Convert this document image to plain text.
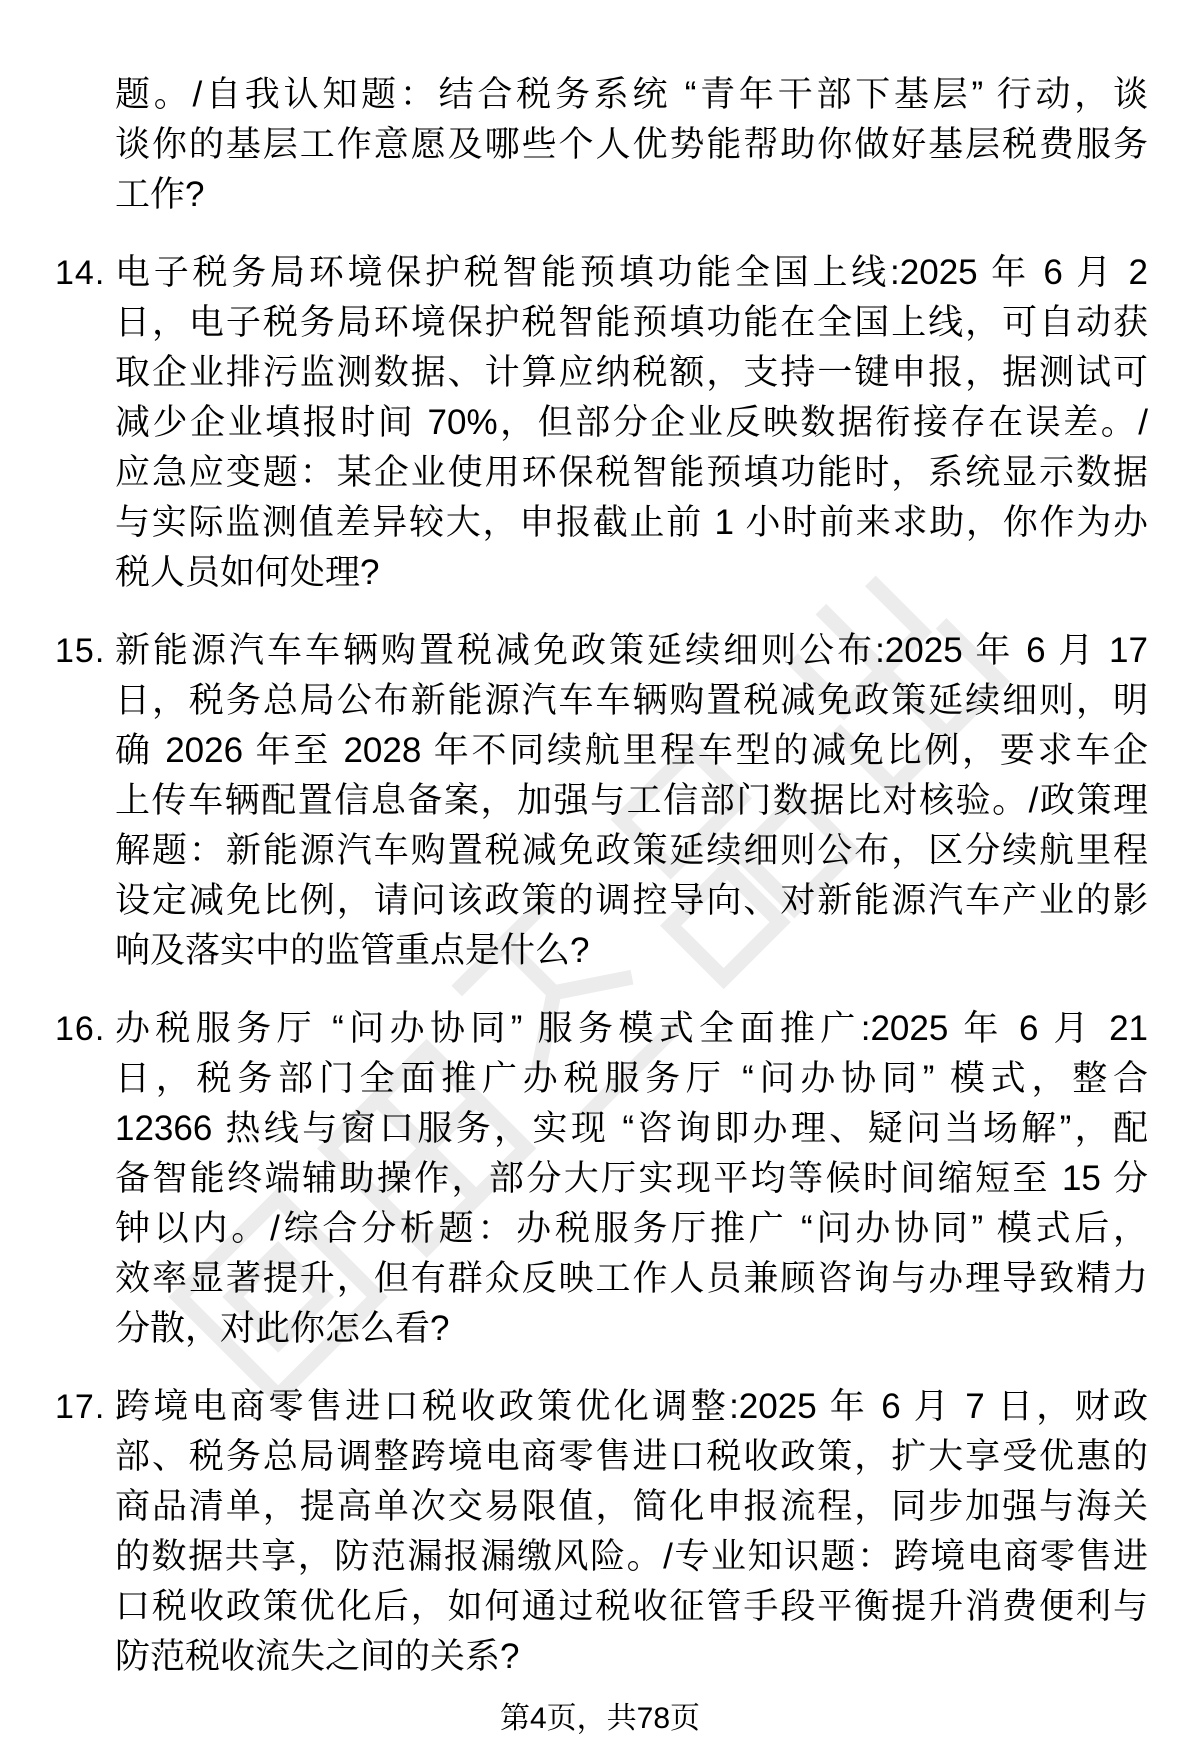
题。/自我认知题：结合税务系统 “青年干部下基层” 行动，谈
谈你的基层工作意愿及哪些个人优势能帮助你做好基层税费服务
工作?
14. 电子税务局环境保护税智能预填功能全国上线:2025 年 6 月 2
日，电子税务局环境保护税智能预填功能在全国上线，可自动获
取企业排污监测数据、计算应纳税额，支持一键申报，据测试可
减少企业填报时间 70%，但部分企业反映数据衔接存在误差。/
应急应变题：某企业使用环保税智能预填功能时，系统显示数据
与实际监测值差异较大，申报截止前 1 小时前来求助，你作为办
税人员如何处理?
15. 新能源汽车车辆购置税减免政策延续细则公布:2025 年 6 月 17
日，税务总局公布新能源汽车车辆购置税减免政策延续细则，明
确 2026 年至 2028 年不同续航里程车型的减免比例，要求车企
上传车辆配置信息备案，加强与工信部门数据比对核验。/政策理
解题：新能源汽车购置税减免政策延续细则公布，区分续航里程
设定减免比例，请问该政策的调控导向、对新能源汽车产业的影
响及落实中的监管重点是什么?
16. 办税服务厅 “问办协同” 服务模式全面推广:2025 年 6 月 21
日，税务部门全面推广办税服务厅 “问办协同” 模式，整合
12366 热线与窗口服务，实现 “咨询即办理、疑问当场解”，配
备智能终端辅助操作，部分大厅实现平均等候时间缩短至 15 分
钟以内。/综合分析题：办税服务厅推广 “问办协同” 模式后，
效率显著提升，但有群众反映工作人员兼顾咨询与办理导致精力
分散，对此你怎么看?
17. 跨境电商零售进口税收政策优化调整:2025 年 6 月 7 日，财政
部、税务总局调整跨境电商零售进口税收政策，扩大享受优惠的
商品清单，提高单次交易限值，简化申报流程，同步加强与海关
的数据共享，防范漏报漏缴风险。/专业知识题：跨境电商零售进
口税收政策优化后，如何通过税收征管手段平衡提升消费便利与
防范税收流失之间的关系?
第4页，共78页
